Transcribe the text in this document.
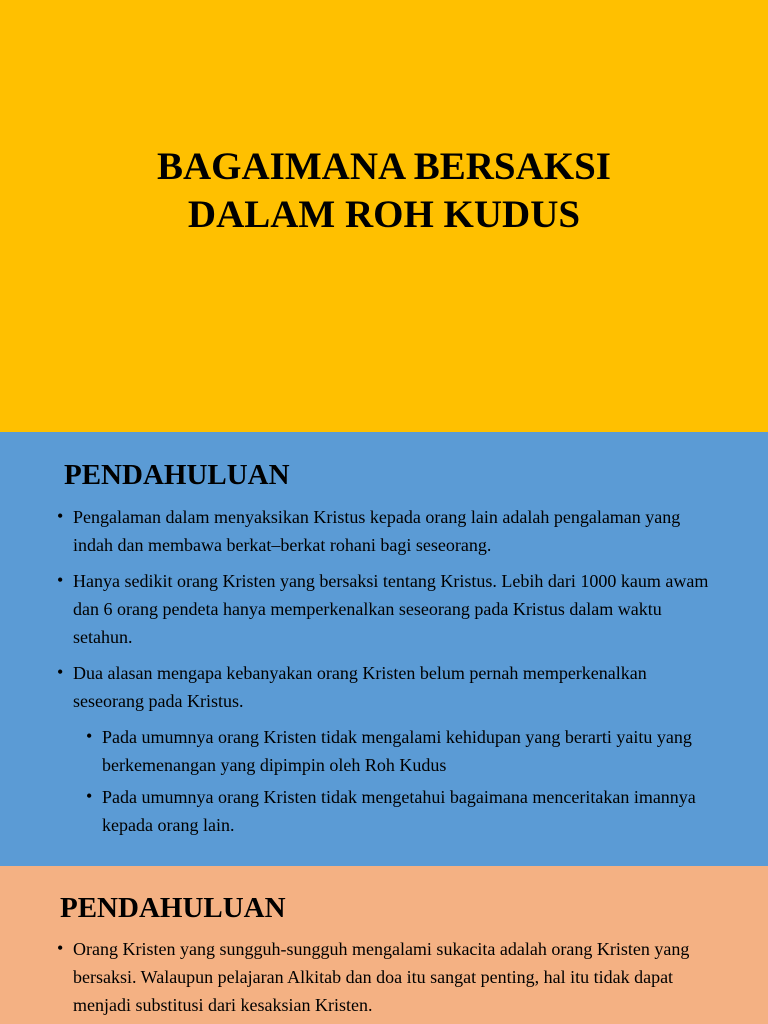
BAGAIMANA BERSAKSI
DALAM ROH KUDUS
PENDAHULUAN
• Pengalaman dalam menyaksikan Kristus kepada orang lain adalah pengalaman yang indah dan membawa berkat–berkat rohani bagi seseorang.
• Hanya sedikit orang Kristen yang bersaksi tentang Kristus. Lebih dari 1000 kaum awam dan 6 orang pendeta hanya memperkenalkan seseorang pada Kristus dalam waktu setahun.
• Dua alasan mengapa kebanyakan orang Kristen belum pernah memperkenalkan seseorang pada Kristus.
• Pada umumnya orang Kristen tidak mengalami kehidupan yang berarti yaitu yang berkemenangan yang dipimpin oleh Roh Kudus
• Pada umumnya orang Kristen tidak mengetahui bagaimana menceritakan imannya kepada orang lain.
PENDAHULUAN
• Orang Kristen yang sungguh-sungguh mengalami sukacita adalah orang Kristen yang bersaksi. Walaupun pelajaran Alkitab dan doa itu sangat penting, hal itu tidak dapat menjadi substitusi dari kesaksian Kristen.
